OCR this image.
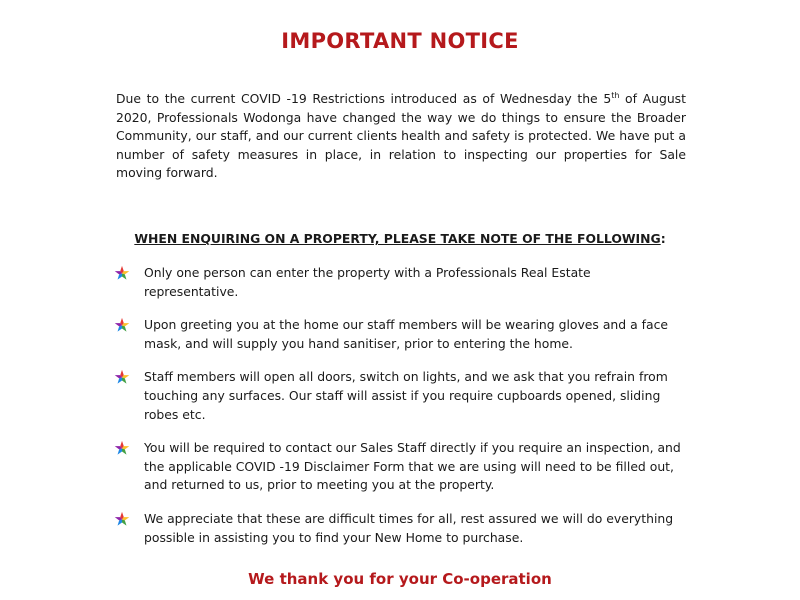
IMPORTANT NOTICE

Due to the current COVID -19 Restrictions introduced as of Wednesday the 5th of August 2020, Professionals Wodonga have changed the way we do things to ensure the Broader Community, our staff, and our current clients health and safety is protected. We have put a number of safety measures in place, in relation to inspecting our properties for Sale moving forward.

WHEN ENQUIRING ON A PROPERTY, PLEASE TAKE NOTE OF THE FOLLOWING:

Only one person can enter the property with a Professionals Real Estate representative.
Upon greeting you at the home our staff members will be wearing gloves and a face mask, and will supply you hand sanitiser, prior to entering the home.
Staff members will open all doors, switch on lights, and we ask that you refrain from touching any surfaces. Our staff will assist if you require cupboards opened, sliding robes etc.
You will be required to contact our Sales Staff directly if you require an inspection, and the applicable COVID -19 Disclaimer Form that we are using will need to be filled out, and returned to us, prior to meeting you at the property.
We appreciate that these are difficult times for all, rest assured we will do everything possible in assisting you to find your New Home to purchase.

We thank you for your Co-operation
